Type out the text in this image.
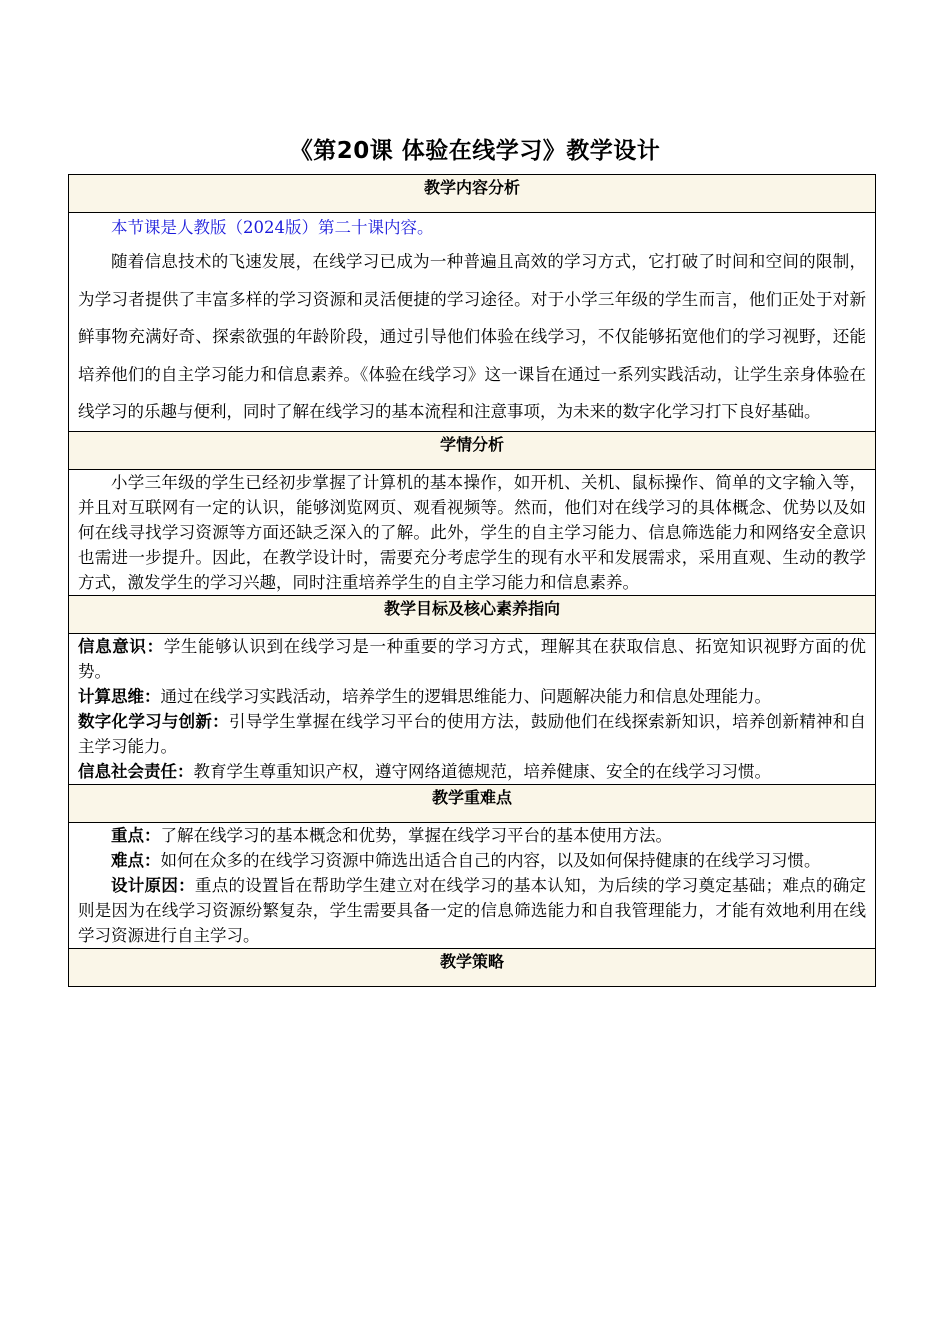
《第20课 体验在线学习》教学设计
教学内容分析

本节课是人教版（2024版）第二十课内容。

随着信息技术的飞速发展，在线学习已成为一种普遍且高效的学习方式，它打破了时间和空间的限制，为学习者提供了丰富多样的学习资源和灵活便捷的学习途径。对于小学三年级的学生而言，他们正处于对新鲜事物充满好奇、探索欲强的年龄阶段，通过引导他们体验在线学习，不仅能够拓宽他们的学习视野，还能培养他们的自主学习能力和信息素养。《体验在线学习》这一课旨在通过一系列实践活动，让学生亲身体验在线学习的乐趣与便利，同时了解在线学习的基本流程和注意事项，为未来的数字化学习打下良好基础。

学情分析

小学三年级的学生已经初步掌握了计算机的基本操作，如开机、关机、鼠标操作、简单的文字输入等，并且对互联网有一定的认识，能够浏览网页、观看视频等。然而，他们对在线学习的具体概念、优势以及如何在线寻找学习资源等方面还缺乏深入的了解。此外，学生的自主学习能力、信息筛选能力和网络安全意识也需进一步提升。因此，在教学设计时，需要充分考虑学生的现有水平和发展需求，采用直观、生动的教学方式，激发学生的学习兴趣，同时注重培养学生的自主学习能力和信息素养。

教学目标及核心素养指向

信息意识：学生能够认识到在线学习是一种重要的学习方式，理解其在获取信息、拓宽知识视野方面的优势。

计算思维：通过在线学习实践活动，培养学生的逻辑思维能力、问题解决能力和信息处理能力。

数字化学习与创新：引导学生掌握在线学习平台的使用方法，鼓励他们在线探索新知识，培养创新精神和自主学习能力。

信息社会责任：教育学生尊重知识产权，遵守网络道德规范，培养健康、安全的在线学习习惯。

教学重难点

重点：了解在线学习的基本概念和优势，掌握在线学习平台的基本使用方法。

难点：如何在众多的在线学习资源中筛选出适合自己的内容，以及如何保持健康的在线学习习惯。

设计原因：重点的设置旨在帮助学生建立对在线学习的基本认知，为后续的学习奠定基础；难点的确定则是因为在线学习资源纷繁复杂，学生需要具备一定的信息筛选能力和自我管理能力，才能有效地利用在线学习资源进行自主学习。

教学策略
